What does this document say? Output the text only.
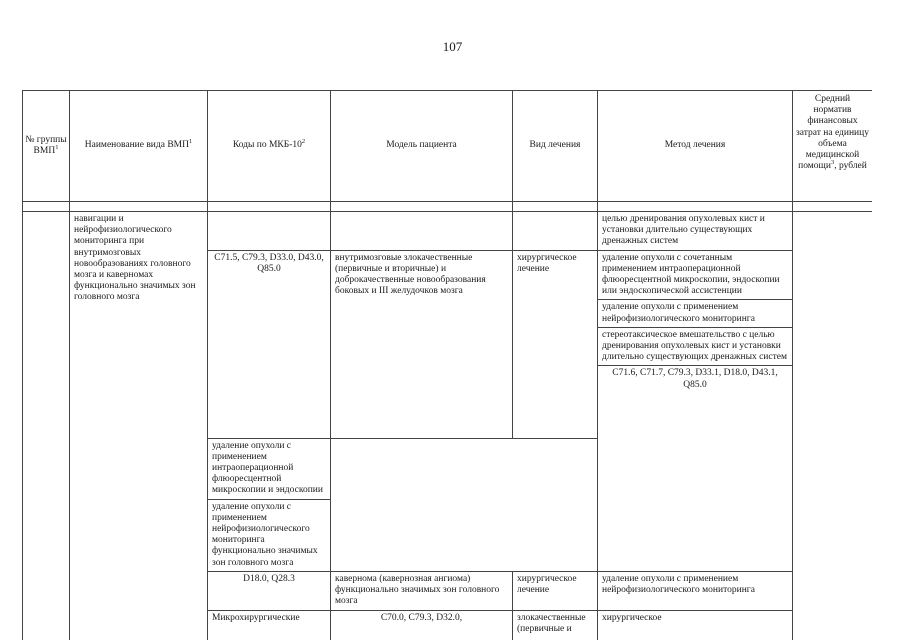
107
№ группы ВМП$^1$	Наименование вида ВМП$^1$	Коды по МКБ-$10^2$	Модель пациента	Вид лечения	Метод лечения	Средний норматив финансовых затрат на единицу объема медицинской помощи$^3$, рублей	

	навигации и нейрофизиологического мониторинга при внутримозговых новообразованиях головного мозга и каверномах функционально значимых зон головного мозга				целью дренирования опухолевых кист и установки длительно существующих дренажных систем		
		C71.5, C79.3, D33.0, D43.0, Q85.0	внутримозговые злокачественные (первичные и вторичные) и доброкачественные новообразования боковых и III желудочков мозга	хирургическое лечение	удаление опухоли с сочетанным применением интраоперационной флюоресцентной микроскопии, эндоскопии или эндоскопической ассистенции		
					удаление опухоли с применением нейрофизиологического мониторинга		
					стереотаксическое вмешательство с целью дренирования опухолевых кист и установки длительно существующих дренажных систем		
					C71.6, C71.7, C79.3, D33.1, D18.0, D43.1, Q85.0			
		удаление опухоли с применением интраоперационной флюоресцентной микроскопии и эндоскопии					
		удаление опухоли с применением нейрофизиологического мониторинга функционально значимых зон головного мозга					
		D18.0, Q28.3	кавернома (кавернозная ангиома) функционально значимых зон головного мозга	хирургическое лечение	удаление опухоли с применением нейрофизиологического мониторинга		
		Микрохирургические	C70.0, C79.3, D32.0,	злокачественные (первичные и	хирургическое	
